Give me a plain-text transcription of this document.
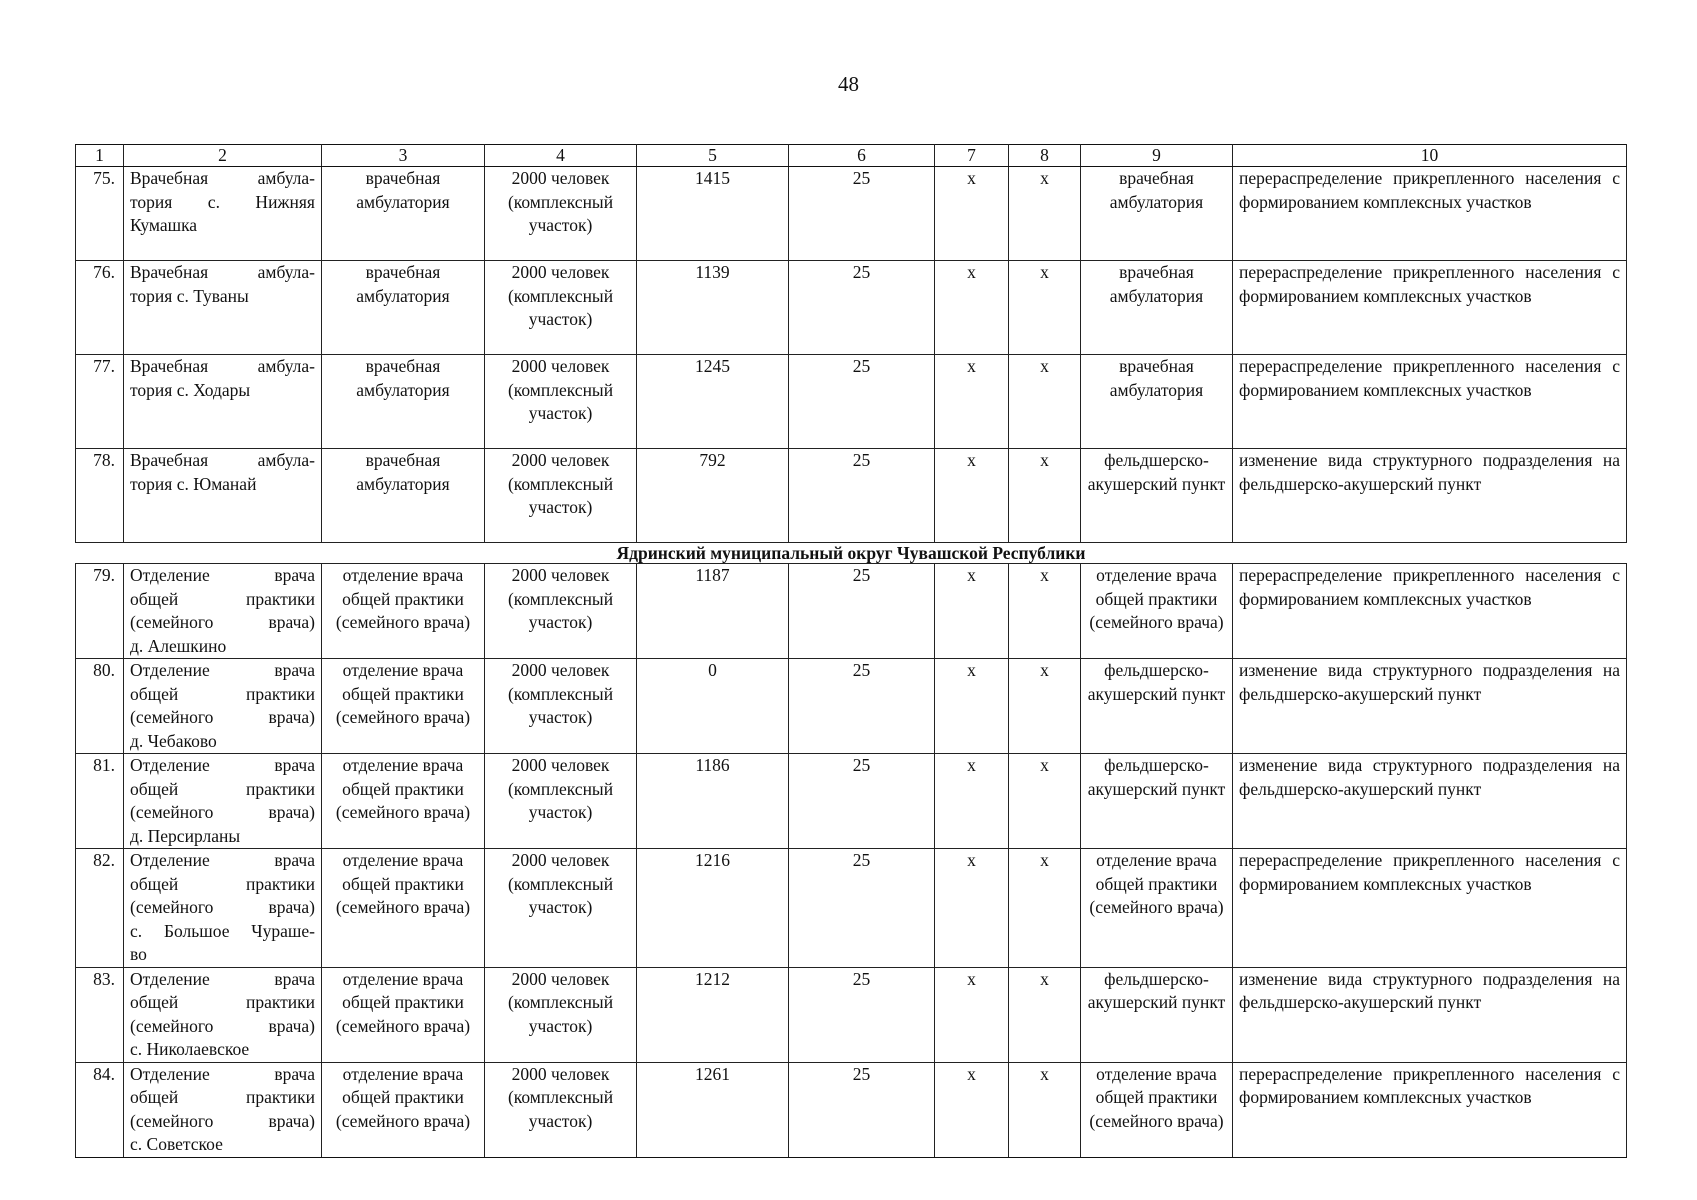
48
1	2	3	4	5	6	7	8	9	10
75.	Врачебная амбула-
тория с. Нижняя
Кумашка	врачебная амбулатория	2000 человек (комплексный участок)	1415	25	х	х	врачебная амбулатория	перераспределение прикрепленного населения с формированием комплексных участков
76.	Врачебная амбула-
тория с. Туваны	врачебная амбулатория	2000 человек (комплексный участок)	1139	25	х	х	врачебная амбулатория	перераспределение прикрепленного населения с формированием комплексных участков
77.	Врачебная амбула-
тория с. Ходары	врачебная амбулатория	2000 человек (комплексный участок)	1245	25	х	х	врачебная амбулатория	перераспределение прикрепленного населения с формированием комплексных участков
78.	Врачебная амбула-
тория с. Юманай	врачебная амбулатория	2000 человек (комплексный участок)	792	25	х	х	фельдшерско-акушерский пункт	изменение вида структурного подразделения на фельдшерско-акушерский пункт
Ядринский муниципальный округ Чувашской Республики									
79.	Отделение врача
общей практики
(семейного врача)
д. Алешкино	отделение врача общей практики (семейного врача)	2000 человек (комплексный участок)	1187	25	х	х	отделение врача общей практики (семейного врача)	перераспределение прикрепленного населения с формированием комплексных участков
80.	Отделение врача
общей практики
(семейного врача)
д. Чебаково	отделение врача общей практики (семейного врача)	2000 человек (комплексный участок)	0	25	х	х	фельдшерско-акушерский пункт	изменение вида структурного подразделения на фельдшерско-акушерский пункт
81.	Отделение врача
общей практики
(семейного врача)
д. Персирланы	отделение врача общей практики (семейного врача)	2000 человек (комплексный участок)	1186	25	х	х	фельдшерско-акушерский пункт	изменение вида структурного подразделения на фельдшерско-акушерский пункт
82.	Отделение врача
общей практики
(семейного врача)
с. Большое Чураше-
во	отделение врача общей практики (семейного врача)	2000 человек (комплексный участок)	1216	25	х	х	отделение врача общей практики (семейного врача)	перераспределение прикрепленного населения с формированием комплексных участков
83.	Отделение врача
общей практики
(семейного врача)
с. Николаевское	отделение врача общей практики (семейного врача)	2000 человек (комплексный участок)	1212	25	х	х	фельдшерско-акушерский пункт	изменение вида структурного подразделения на фельдшерско-акушерский пункт
84.	Отделение врача
общей практики
(семейного врача)
с. Советское	отделение врача общей практики (семейного врача)	2000 человек (комплексный участок)	1261	25	х	х	отделение врача общей практики (семейного врача)	перераспределение прикрепленного населения с формированием комплексных участков
